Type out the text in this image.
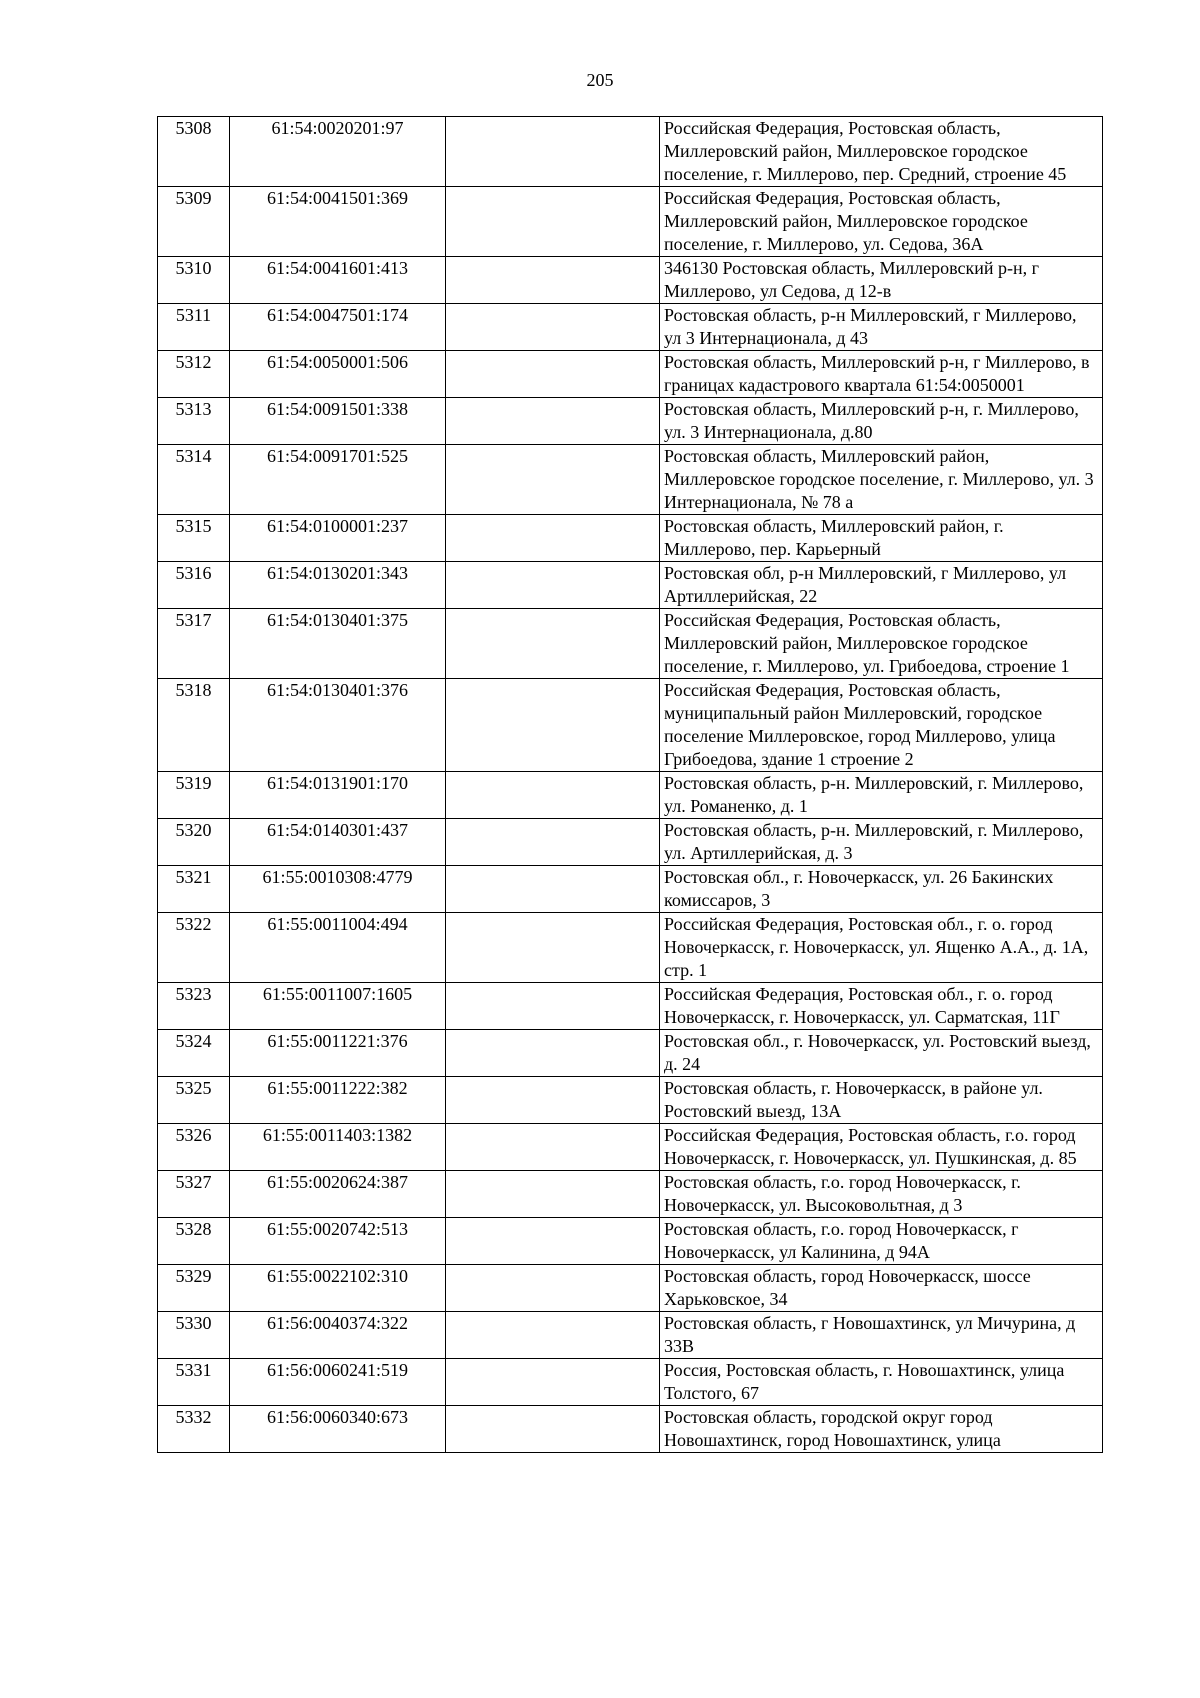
205
5308	61:54:0020201:97		Российская Федерация, Ростовская область, Миллеровский район, Миллеровское городское поселение, г. Миллерово, пер. Средний, строение 45
5309	61:54:0041501:369		Российская Федерация, Ростовская область, Миллеровский район, Миллеровское городское поселение, г. Миллерово, ул. Седова, 36А
5310	61:54:0041601:413		346130 Ростовская область, Миллеровский р-н, г Миллерово, ул Седова, д 12-в
5311	61:54:0047501:174		Ростовская область, р-н Миллеровский, г Миллерово, ул 3 Интернационала, д 43
5312	61:54:0050001:506		Ростовская область, Миллеровский р-н, г Миллерово, в границах кадастрового квартала 61:54:0050001
5313	61:54:0091501:338		Ростовская область, Миллеровский р-н, г. Миллерово, ул. 3 Интернационала, д.80
5314	61:54:0091701:525		Ростовская область, Миллеровский район, Миллеровское городское поселение, г. Миллерово, ул. 3 Интернационала, № 78 а
5315	61:54:0100001:237		Ростовская область, Миллеровский район, г. Миллерово, пер. Карьерный
5316	61:54:0130201:343		Ростовская обл, р-н Миллеровский, г Миллерово, ул Артиллерийская, 22
5317	61:54:0130401:375		Российская Федерация, Ростовская область, Миллеровский район, Миллеровское городское поселение, г. Миллерово, ул. Грибоедова, строение 1
5318	61:54:0130401:376		Российская Федерация, Ростовская область, муниципальный район Миллеровский, городское поселение Миллеровское, город Миллерово, улица Грибоедова, здание 1 строение 2
5319	61:54:0131901:170		Ростовская область, р-н. Миллеровский, г. Миллерово, ул. Романенко, д. 1
5320	61:54:0140301:437		Ростовская область, р-н. Миллеровский, г. Миллерово, ул. Артиллерийская, д. 3
5321	61:55:0010308:4779		Ростовская обл., г. Новочеркасск, ул. 26 Бакинских комиссаров, 3
5322	61:55:0011004:494		Российская Федерация, Ростовская обл., г. о. город Новочеркасск, г. Новочеркасск, ул. Ященко А.А., д. 1А, стр. 1
5323	61:55:0011007:1605		Российская Федерация, Ростовская обл., г. о. город Новочеркасск, г. Новочеркасск, ул. Сарматская, 11Г
5324	61:55:0011221:376		Ростовская обл., г. Новочеркасск, ул. Ростовский выезд, д. 24
5325	61:55:0011222:382		Ростовская область, г. Новочеркасск, в районе ул. Ростовский выезд, 13А
5326	61:55:0011403:1382		Российская Федерация, Ростовская область, г.о. город Новочеркасск, г. Новочеркасск, ул. Пушкинская, д. 85
5327	61:55:0020624:387		Ростовская область, г.о. город Новочеркасск, г. Новочеркасск, ул. Высоковольтная, д 3
5328	61:55:0020742:513		Ростовская область, г.о. город Новочеркасск, г Новочеркасск, ул Калинина, д 94А
5329	61:55:0022102:310		Ростовская область, город Новочеркасск, шоссе Харьковское, 34
5330	61:56:0040374:322		Ростовская область, г Новошахтинск, ул Мичурина, д 33В
5331	61:56:0060241:519		Россия, Ростовская область, г. Новошахтинск, улица Толстого, 67
5332	61:56:0060340:673		Ростовская область, городской округ город Новошахтинск, город Новошахтинск, улица
